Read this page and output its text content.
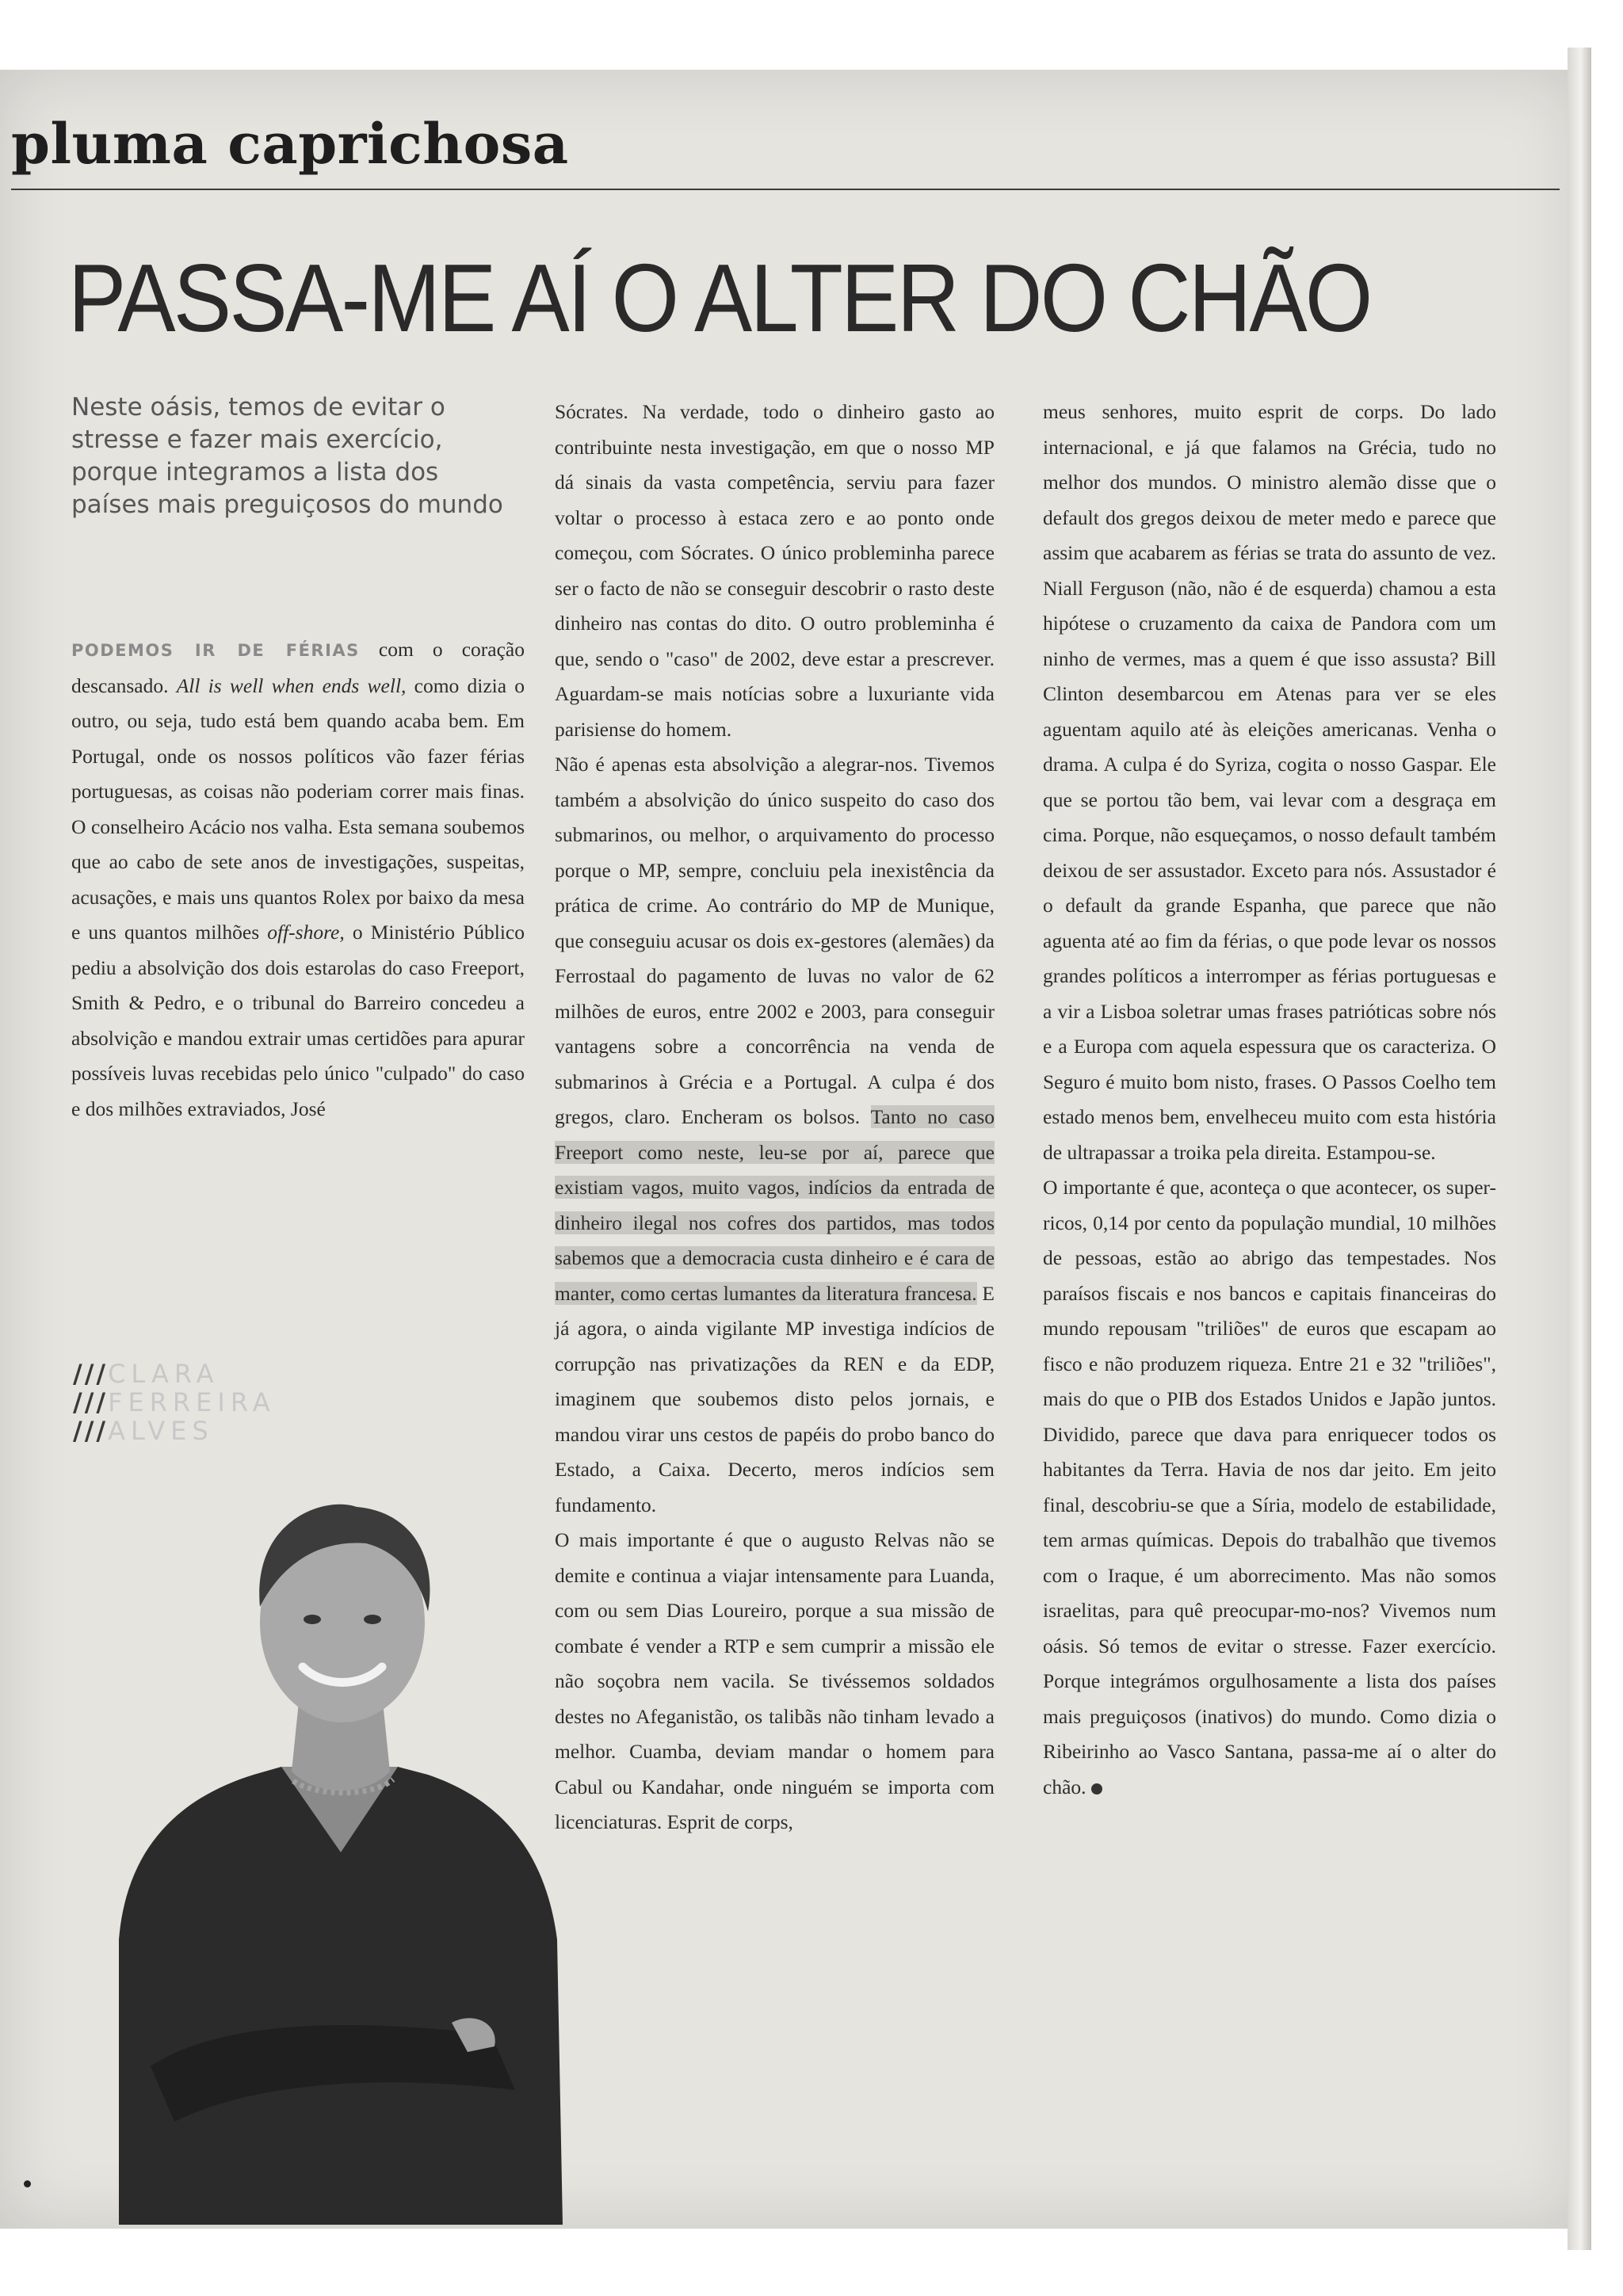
pluma caprichosa
PASSA-ME AÍ O ALTER DO CHÃO
Neste oásis, temos de evitar o stresse e fazer mais exercício, porque integramos a lista dos países mais preguiçosos do mundo

PODEMOS IR DE FÉRIAS com o coração descansado. All is well when ends well, como dizia o outro, ou seja, tudo está bem quando acaba bem. Em Portugal, onde os nossos políticos vão fazer férias portuguesas, as coisas não poderiam correr mais finas. O conselheiro Acácio nos valha. Esta semana soubemos que ao cabo de sete anos de investigações, suspeitas, acusações, e mais uns quantos Rolex por baixo da mesa e uns quantos milhões off-shore, o Ministério Público pediu a absolvição dos dois estarolas do caso Freeport, Smith & Pedro, e o tribunal do Barreiro concedeu a absolvição e mandou extrair umas certidões para apurar possíveis luvas recebidas pelo único "culpado" do caso e dos milhões extraviados, José

///CLARA
///FERREIRA
///ALVES

Sócrates. Na verdade, todo o dinheiro gasto ao contribuinte nesta investigação, em que o nosso MP dá sinais da vasta competência, serviu para fazer voltar o processo à estaca zero e ao ponto onde começou, com Sócrates. O único probleminha parece ser o facto de não se conseguir descobrir o rasto deste dinheiro nas contas do dito. O outro probleminha é que, sendo o "caso" de 2002, deve estar a prescrever. Aguardam-se mais notícias sobre a luxuriante vida parisiense do homem.

Não é apenas esta absolvição a alegrar-nos. Tivemos também a absolvição do único suspeito do caso dos submarinos, ou melhor, o arquivamento do processo porque o MP, sempre, concluiu pela inexistência da prática de crime. Ao contrário do MP de Munique, que conseguiu acusar os dois ex-gestores (alemães) da Ferrostaal do pagamento de luvas no valor de 62 milhões de euros, entre 2002 e 2003, para conseguir vantagens sobre a concorrência na venda de submarinos à Grécia e a Portugal. A culpa é dos gregos, claro. Encheram os bolsos. Tanto no caso Freeport como neste, leu-se por aí, parece que existiam vagos, muito vagos, indícios da entrada de dinheiro ilegal nos cofres dos partidos, mas todos sabemos que a democracia custa dinheiro e é cara de manter, como certas lumantes da literatura francesa. E já agora, o ainda vigilante MP investiga indícios de corrupção nas privatizações da REN e da EDP, imaginem que soubemos disto pelos jornais, e mandou virar uns cestos de papéis do probo banco do Estado, a Caixa. Decerto, meros indícios sem fundamento.

O mais importante é que o augusto Relvas não se demite e continua a viajar intensamente para Luanda, com ou sem Dias Loureiro, porque a sua missão de combate é vender a RTP e sem cumprir a missão ele não soçobra nem vacila. Se tivéssemos soldados destes no Afeganistão, os talibãs não tinham levado a melhor. Cuamba, deviam mandar o homem para Cabul ou Kandahar, onde ninguém se importa com licenciaturas. Esprit de corps,

meus senhores, muito esprit de corps. Do lado internacional, e já que falamos na Grécia, tudo no melhor dos mundos. O ministro alemão disse que o default dos gregos deixou de meter medo e parece que assim que acabarem as férias se trata do assunto de vez. Niall Ferguson (não, não é de esquerda) chamou a esta hipótese o cruzamento da caixa de Pandora com um ninho de vermes, mas a quem é que isso assusta? Bill Clinton desembarcou em Atenas para ver se eles aguentam aquilo até às eleições americanas. Venha o drama. A culpa é do Syriza, cogita o nosso Gaspar. Ele que se portou tão bem, vai levar com a desgraça em cima. Porque, não esqueçamos, o nosso default também deixou de ser assustador. Exceto para nós. Assustador é o default da grande Espanha, que parece que não aguenta até ao fim da férias, o que pode levar os nossos grandes políticos a interromper as férias portuguesas e a vir a Lisboa soletrar umas frases patrióticas sobre nós e a Europa com aquela espessura que os caracteriza. O Seguro é muito bom nisto, frases. O Passos Coelho tem estado menos bem, envelheceu muito com esta história de ultrapassar a troika pela direita. Estampou-se.

O importante é que, aconteça o que acontecer, os super-ricos, 0,14 por cento da população mundial, 10 milhões de pessoas, estão ao abrigo das tempestades. Nos paraísos fiscais e nos bancos e capitais financeiras do mundo repousam "triliões" de euros que escapam ao fisco e não produzem riqueza. Entre 21 e 32 "triliões", mais do que o PIB dos Estados Unidos e Japão juntos. Dividido, parece que dava para enriquecer todos os habitantes da Terra. Havia de nos dar jeito. Em jeito final, descobriu-se que a Síria, modelo de estabilidade, tem armas químicas. Depois do trabalhão que tivemos com o Iraque, é um aborrecimento. Mas não somos israelitas, para quê preocupar-mo-nos? Vivemos num oásis. Só temos de evitar o stresse. Fazer exercício. Porque integrámos orgulhosamente a lista dos países mais preguiçosos (inativos) do mundo. Como dizia o Ribeirinho ao Vasco Santana, passa-me aí o alter do chão.
